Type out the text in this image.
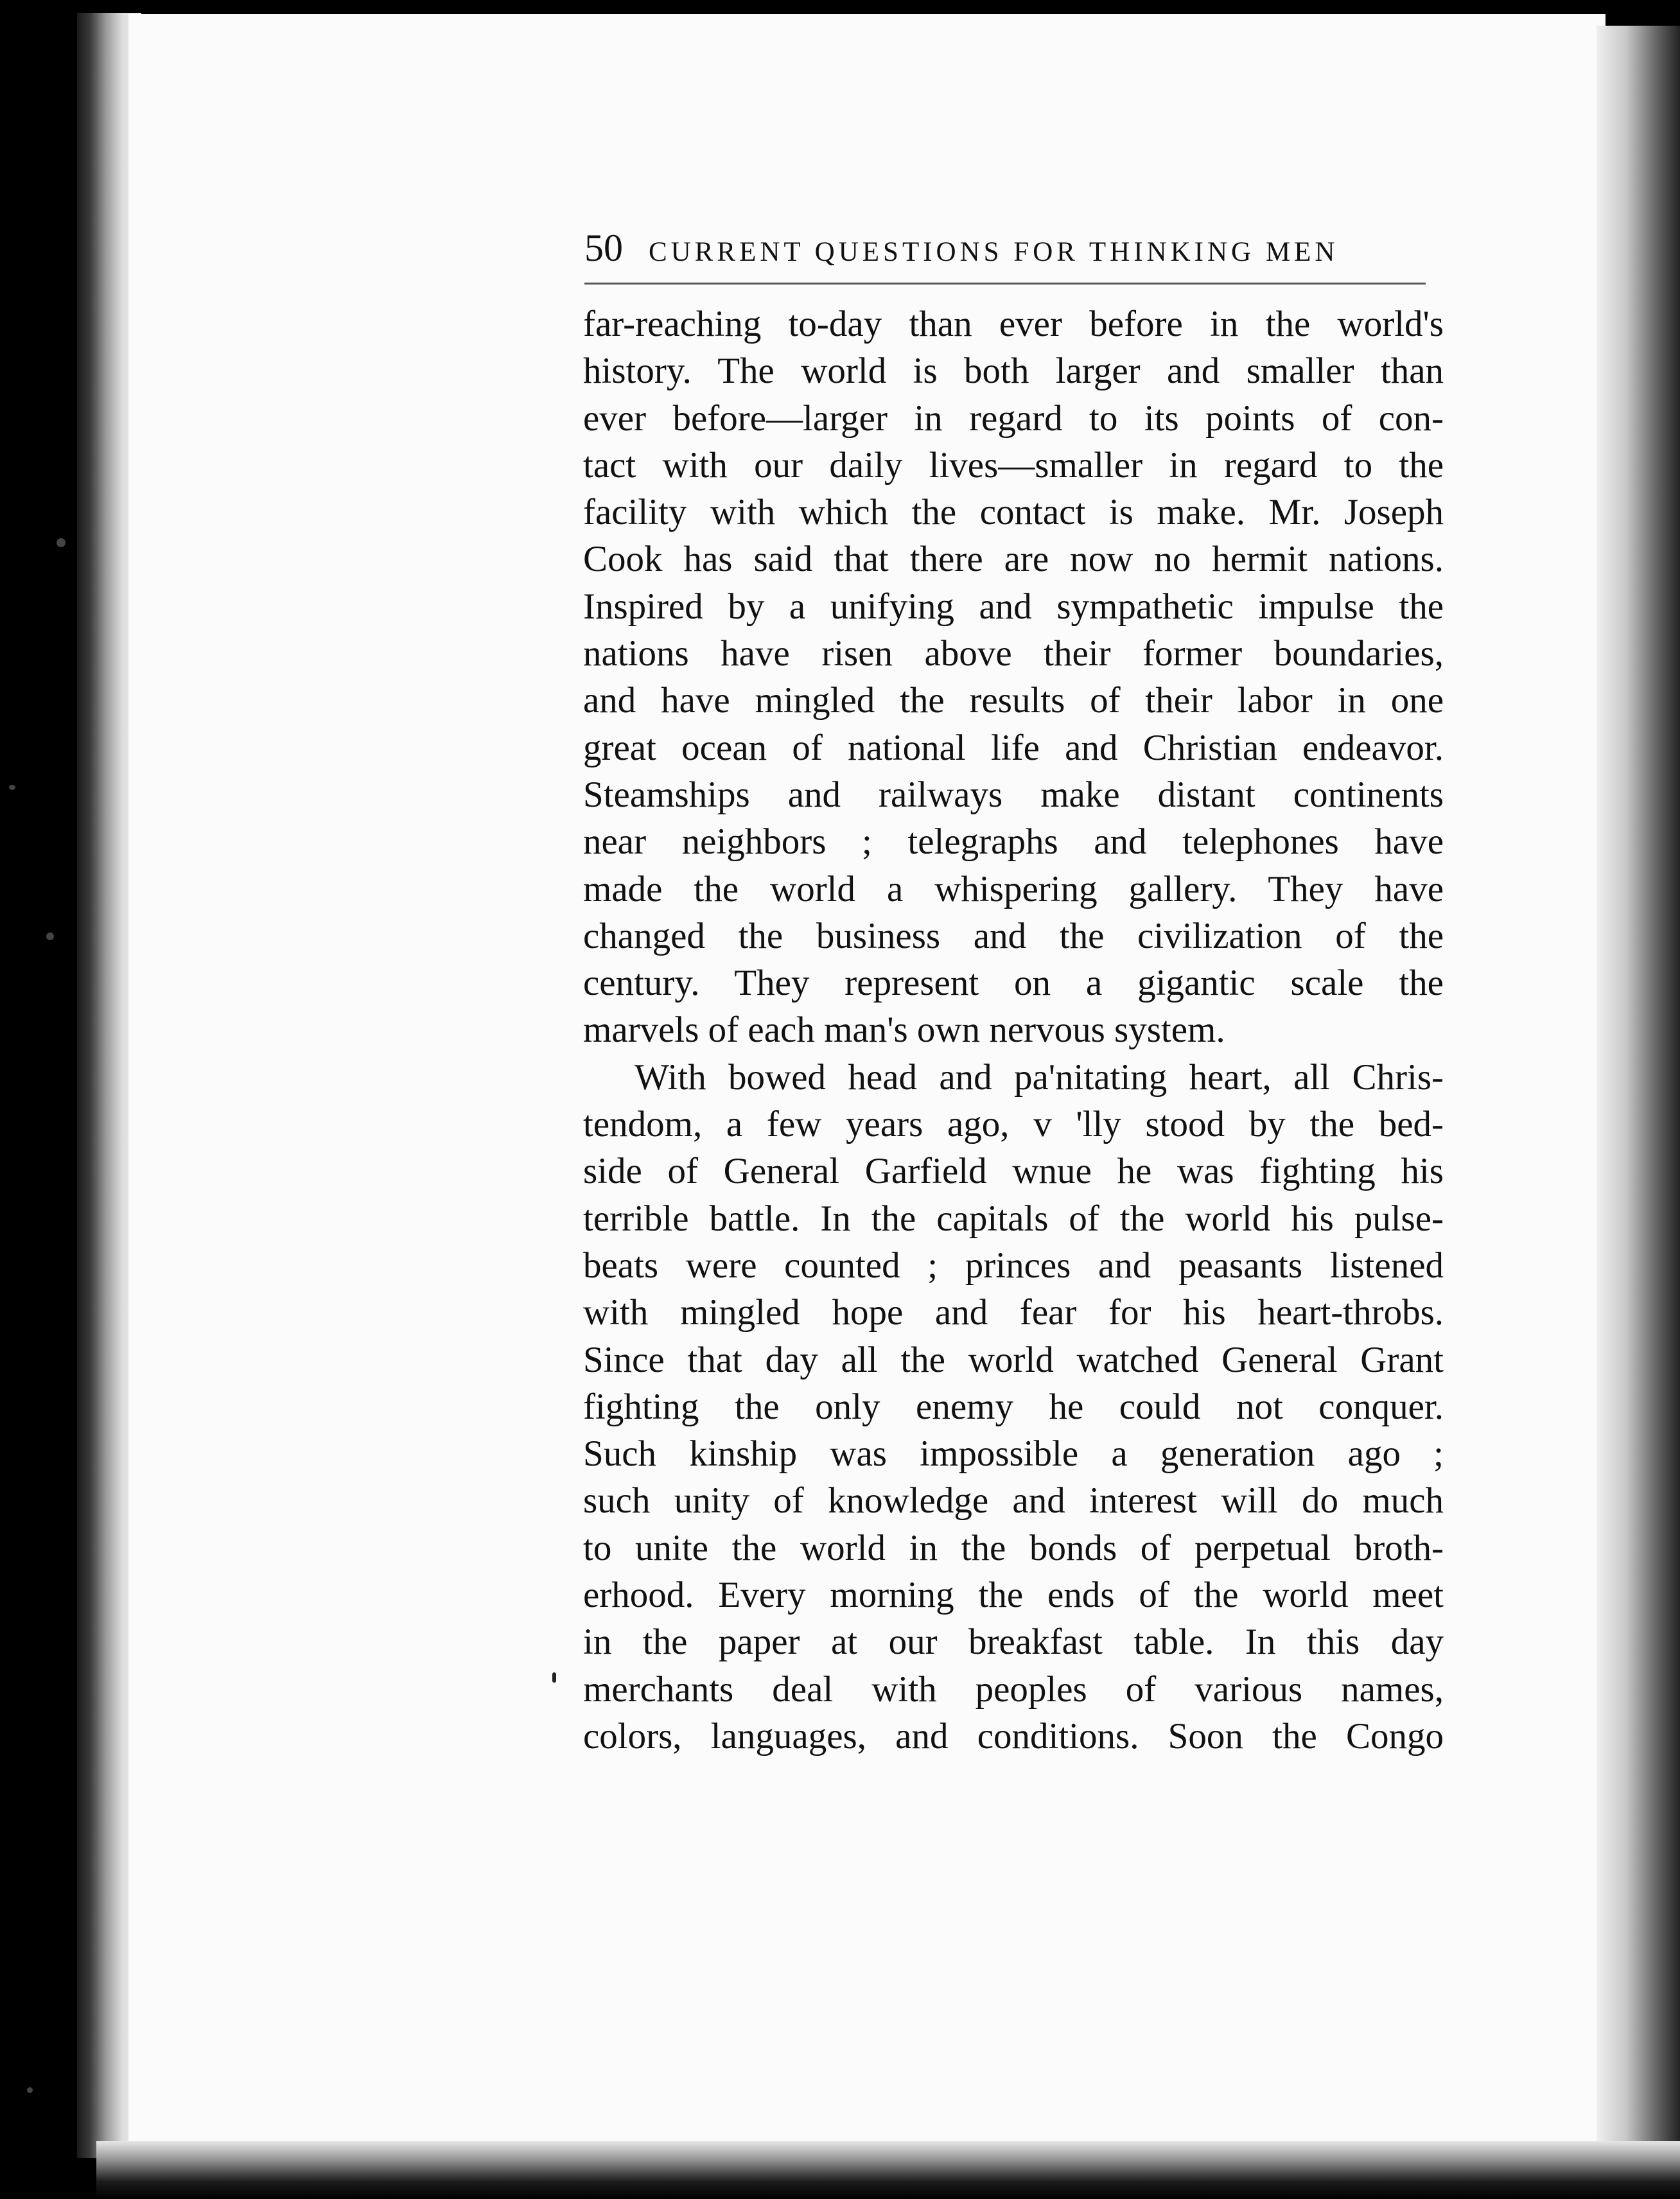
50 CURRENT QUESTIONS FOR THINKING MEN
far-reaching to-day than ever before in the world's
history. The world is both larger and smaller than
ever before—larger in regard to its points of con-
tact with our daily lives—smaller in regard to the
facility with which the contact is make. Mr. Joseph
Cook has said that there are now no hermit nations.
Inspired by a unifying and sympathetic impulse the
nations have risen above their former boundaries,
and have mingled the results of their labor in one
great ocean of national life and Christian endeavor.
Steamships and railways make distant continents
near neighbors ; telegraphs and telephones have
made the world a whispering gallery. They have
changed the business and the civilization of the
century. They represent on a gigantic scale the
marvels of each man's own nervous system.
With bowed head and pa'nitating heart, all Chris-
tendom, a few years ago, v 'lly stood by the bed-
side of General Garfield wnue he was fighting his
terrible battle. In the capitals of the world his pulse-
beats were counted ; princes and peasants listened
with mingled hope and fear for his heart-throbs.
Since that day all the world watched General Grant
fighting the only enemy he could not conquer.
Such kinship was impossible a generation ago ;
such unity of knowledge and interest will do much
to unite the world in the bonds of perpetual broth-
erhood. Every morning the ends of the world meet
in the paper at our breakfast table. In this day
merchants deal with peoples of various names,
colors, languages, and conditions. Soon the Congo
